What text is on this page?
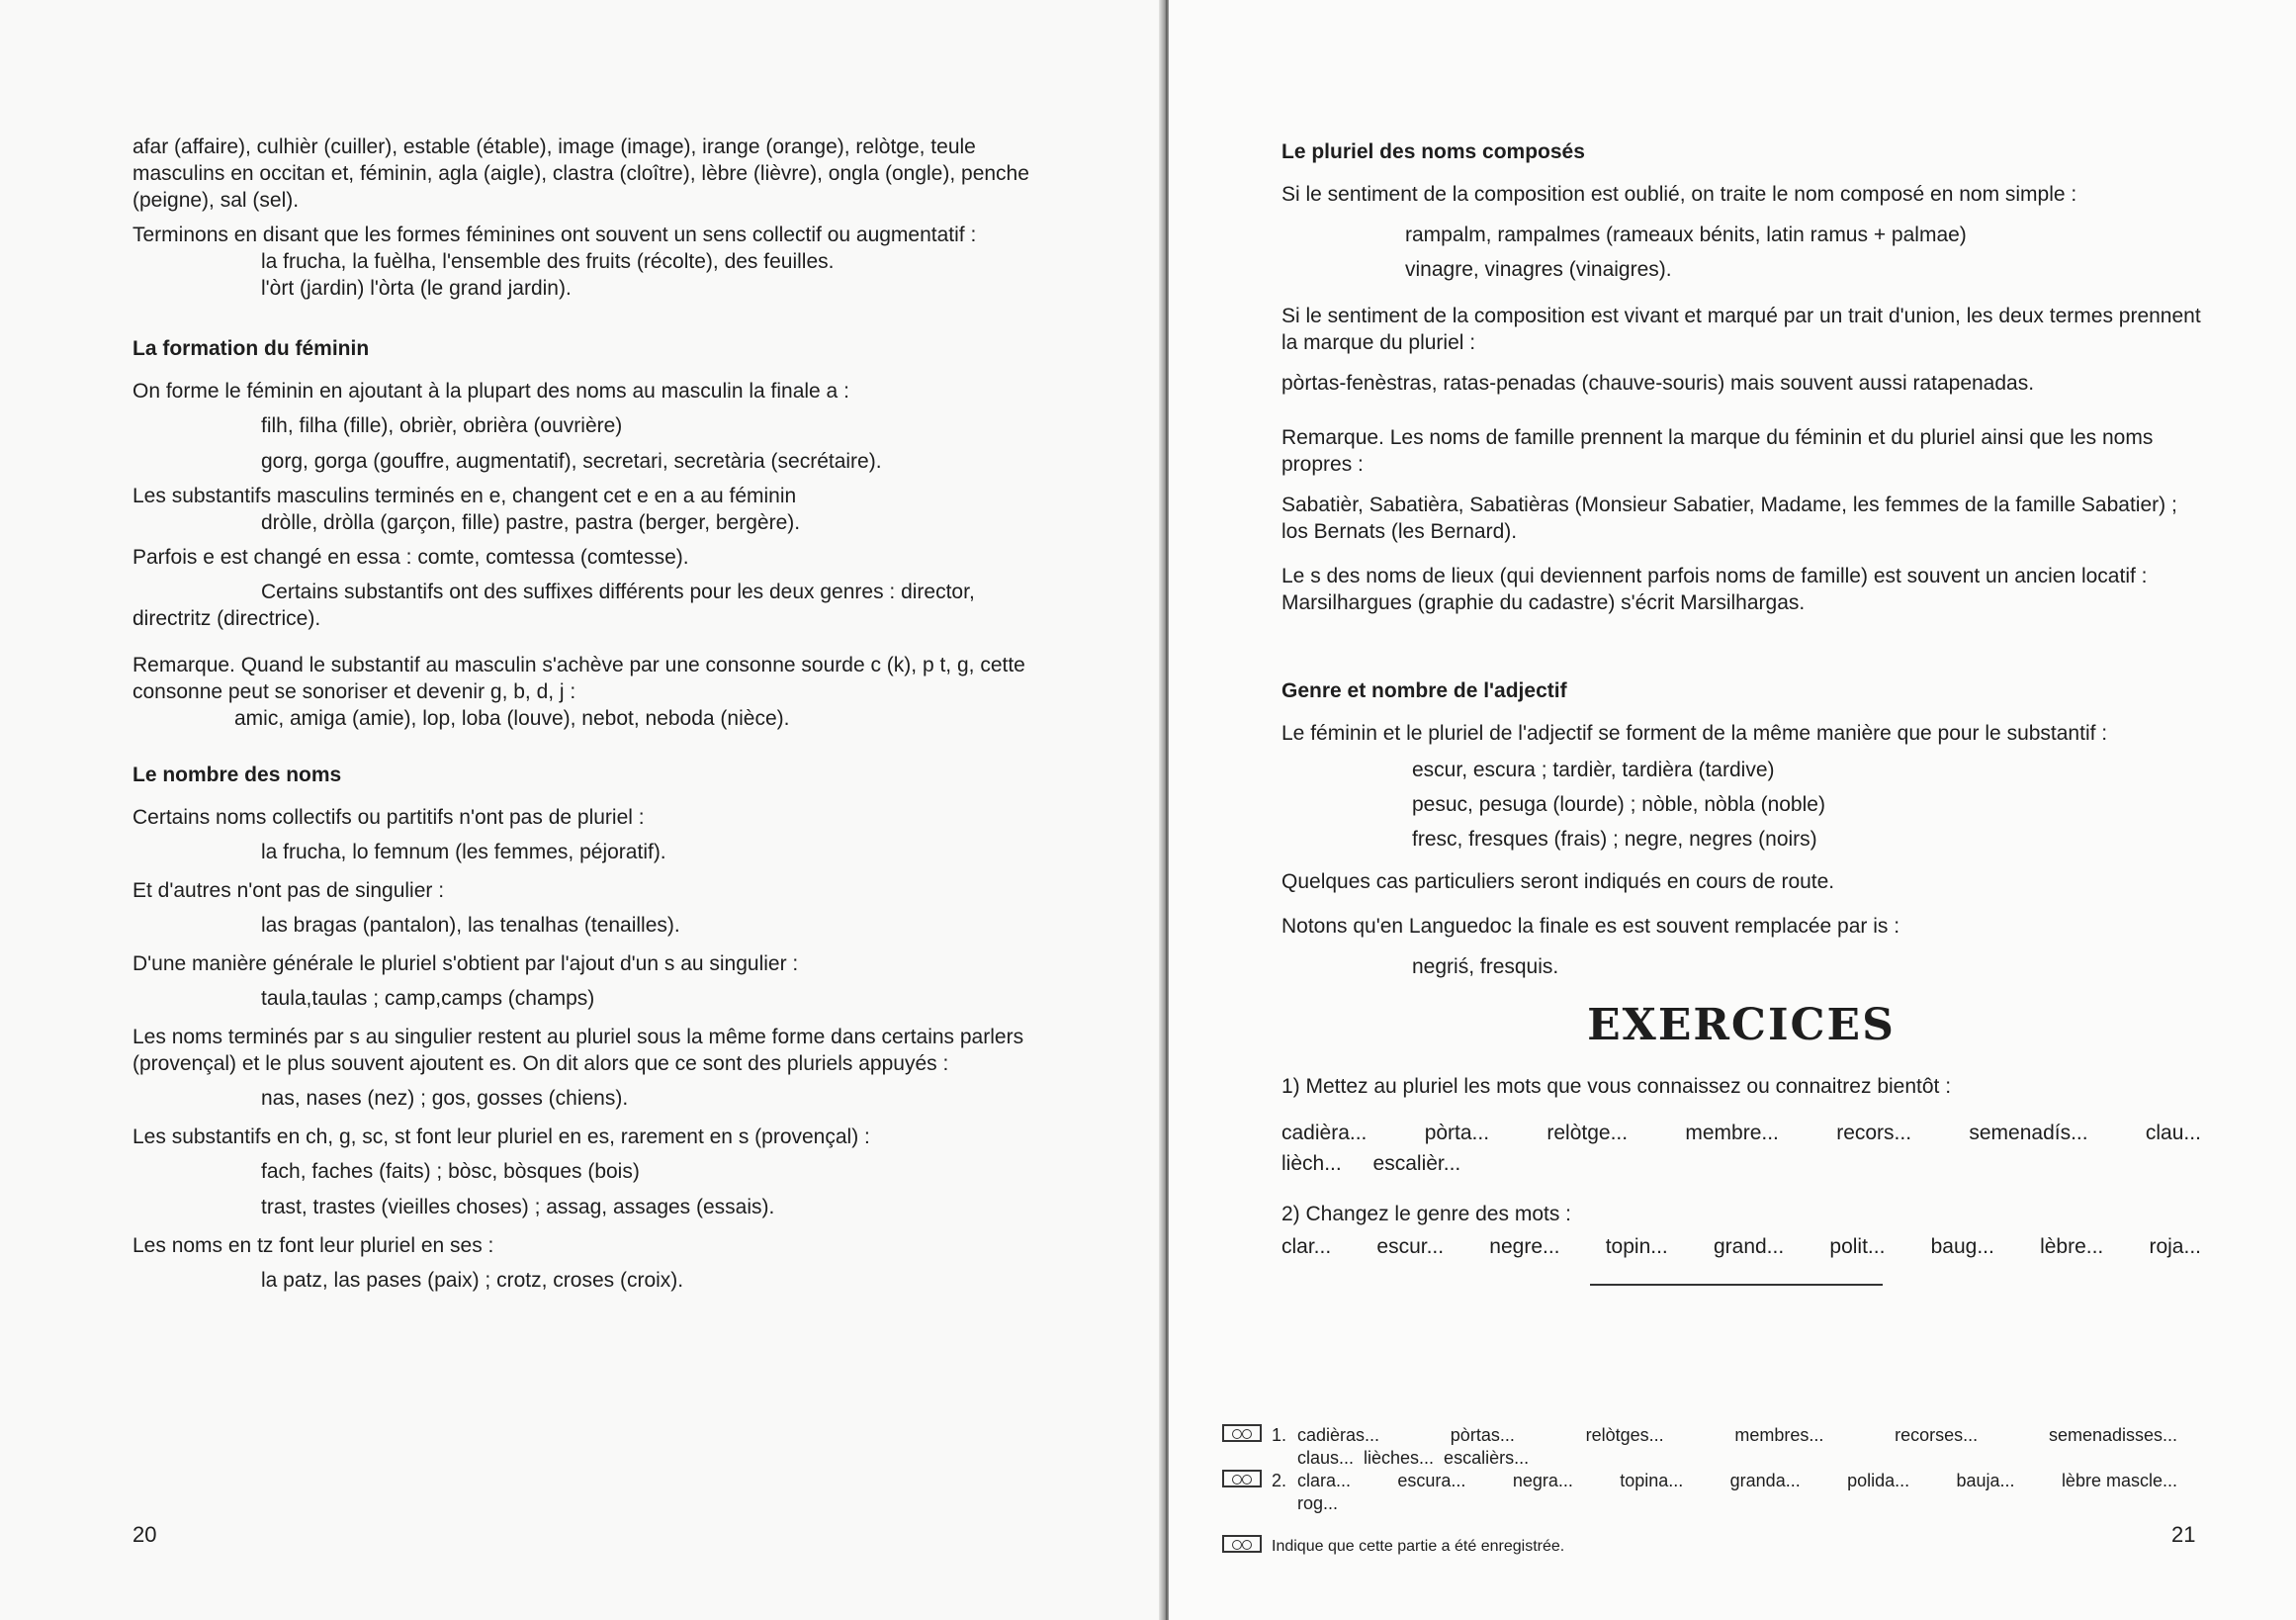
afar (affaire), culhièr (cuiller), estable (étable), image (image), irange (orange), relòtge, teule masculins en occitan et, féminin, agla (aigle), clastra (cloître), lèbre (lièvre), ongla (ongle), penche (peigne), sal (sel).

Terminons en disant que les formes féminines ont souvent un sens collectif ou augmentatif :

la frucha, la fuèlha, l'ensemble des fruits (récolte), des feuilles.

l'òrt (jardin) l'òrta (le grand jardin).

La formation du féminin

On forme le féminin en ajoutant à la plupart des noms au masculin la finale a :

filh, filha (fille), obrièr, obrièra (ouvrière)

gorg, gorga (gouffre, augmentatif), secretari, secretària (secrétaire).

Les substantifs masculins terminés en e, changent cet e en a au féminin

dròlle, dròlla (garçon, fille) pastre, pastra (berger, bergère).

Parfois e est changé en essa : comte, comtessa (comtesse).

Certains substantifs ont des suffixes différents pour les deux genres : director, directritz (directrice).

Remarque. Quand le substantif au masculin s'achève par une consonne sourde c (k), p t, g, cette consonne peut se sonoriser et devenir g, b, d, j :

amic, amiga (amie), lop, loba (louve), nebot, neboda (nièce).

Le nombre des noms

Certains noms collectifs ou partitifs n'ont pas de pluriel :

la frucha, lo femnum (les femmes, péjoratif).

Et d'autres n'ont pas de singulier :

las bragas (pantalon), las tenalhas (tenailles).

D'une manière générale le pluriel s'obtient par l'ajout d'un s au singulier :

taula,taulas ; camp,camps (champs)

Les noms terminés par s au singulier restent au pluriel sous la même forme dans certains parlers (provençal) et le plus souvent ajoutent es. On dit alors que ce sont des pluriels appuyés :

nas, nases (nez) ; gos, gosses (chiens).

Les substantifs en ch, g, sc, st font leur pluriel en es, rarement en s (provençal) :

fach, faches (faits) ; bòsc, bòsques (bois)

trast, trastes (vieilles choses) ; assag, assages (essais).

Les noms en tz font leur pluriel en ses :

la patz, las pases (paix) ; crotz, croses (croix).

20

Le pluriel des noms composés

Si le sentiment de la composition est oublié, on traite le nom composé en nom simple :

rampalm, rampalmes (rameaux bénits, latin ramus + palmae)

vinagre, vinagres (vinaigres).

Si le sentiment de la composition est vivant et marqué par un trait d'union, les deux termes prennent la marque du pluriel :

pòrtas-fenèstras, ratas-penadas (chauve-souris) mais souvent aussi ratapenadas.

Remarque. Les noms de famille prennent la marque du féminin et du pluriel ainsi que les noms propres :

Sabatièr, Sabatièra, Sabatièras (Monsieur Sabatier, Madame, les femmes de la famille Sabatier) ; los Bernats (les Bernard).

Le s des noms de lieux (qui deviennent parfois noms de famille) est souvent un ancien locatif : Marsilhargues (graphie du cadastre) s'écrit Marsilhargas.

Genre et nombre de l'adjectif

Le féminin et le pluriel de l'adjectif se forment de la même manière que pour le substantif :

escur, escura ; tardièr, tardièra (tardive)

pesuc, pesuga (lourde) ; nòble, nòbla (noble)

fresc, fresques (frais) ; negre, negres (noirs)

Quelques cas particuliers seront indiqués en cours de route.

Notons qu'en Languedoc la finale es est souvent remplacée par is :

negriś, fresquis.

EXERCICES

1) Mettez au pluriel les mots que vous connaissez ou connaitrez bientôt :

cadièra...	pòrta...	relòtge...	membre...	recors...	semenadís...	clau...
lièch... escalièr...

2) Changez le genre des mots :

clar... escur... negre... topin... grand... polit... baug... lèbre... roja...
1. cadièras...	pòrtas...	relòtges...	membres...	recorses...	semenadisses...
claus...  lièches...  escalièrs...
2. clara...	escura...	negra...	topina...	granda...	polida...	bauja...	lèbre mascle...
rog...
Indique que cette partie a été enregistrée.	21
